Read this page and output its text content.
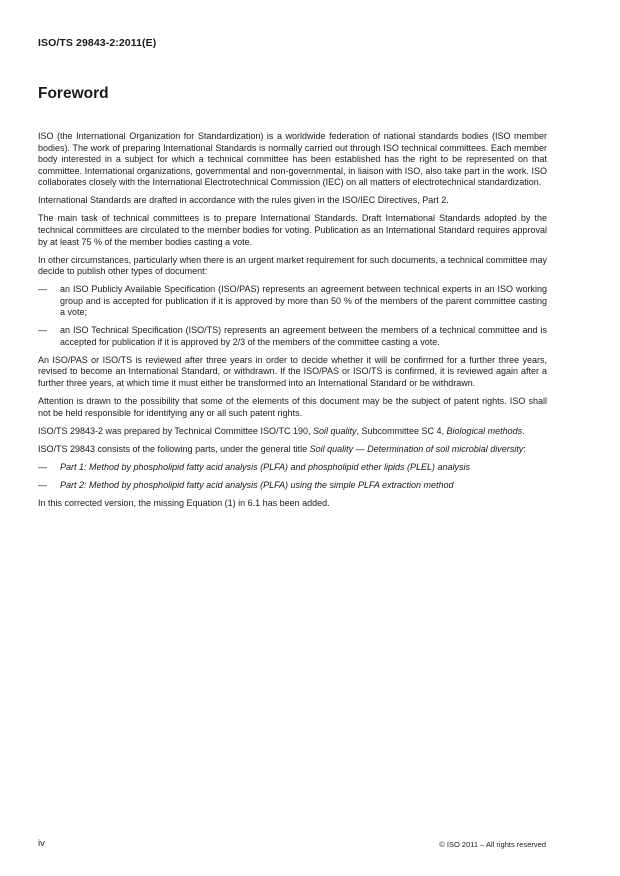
ISO/TS 29843-2:2011(E)
Foreword

ISO (the International Organization for Standardization) is a worldwide federation of national standards bodies (ISO member bodies). The work of preparing International Standards is normally carried out through ISO technical committees. Each member body interested in a subject for which a technical committee has been established has the right to be represented on that committee. International organizations, governmental and non-governmental, in liaison with ISO, also take part in the work. ISO collaborates closely with the International Electrotechnical Commission (IEC) on all matters of electrotechnical standardization.

International Standards are drafted in accordance with the rules given in the ISO/IEC Directives, Part 2.

The main task of technical committees is to prepare International Standards. Draft International Standards adopted by the technical committees are circulated to the member bodies for voting. Publication as an International Standard requires approval by at least 75 % of the member bodies casting a vote.

In other circumstances, particularly when there is an urgent market requirement for such documents, a technical committee may decide to publish other types of document:

—	an ISO Publicly Available Specification (ISO/PAS) represents an agreement between technical experts in an ISO working group and is accepted for publication if it is approved by more than 50 % of the members of the parent committee casting a vote;
—	an ISO Technical Specification (ISO/TS) represents an agreement between the members of a technical committee and is accepted for publication if it is approved by 2/3 of the members of the committee casting a vote.

An ISO/PAS or ISO/TS is reviewed after three years in order to decide whether it will be confirmed for a further three years, revised to become an International Standard, or withdrawn. If the ISO/PAS or ISO/TS is confirmed, it is reviewed again after a further three years, at which time it must either be transformed into an International Standard or be withdrawn.

Attention is drawn to the possibility that some of the elements of this document may be the subject of patent rights. ISO shall not be held responsible for identifying any or all such patent rights.

ISO/TS 29843-2 was prepared by Technical Committee ISO/TC 190, Soil quality, Subcommittee SC 4, Biological methods.

ISO/TS 29843 consists of the following parts, under the general title Soil quality — Determination of soil microbial diversity:

—	Part 1: Method by phospholipid fatty acid analysis (PLFA) and phospholipid ether lipids (PLEL) analysis
—	Part 2: Method by phospholipid fatty acid analysis (PLFA) using the simple PLFA extraction method

In this corrected version, the missing Equation (1) in 6.1 has been added.

iv	© ISO 2011 – All rights reserved
